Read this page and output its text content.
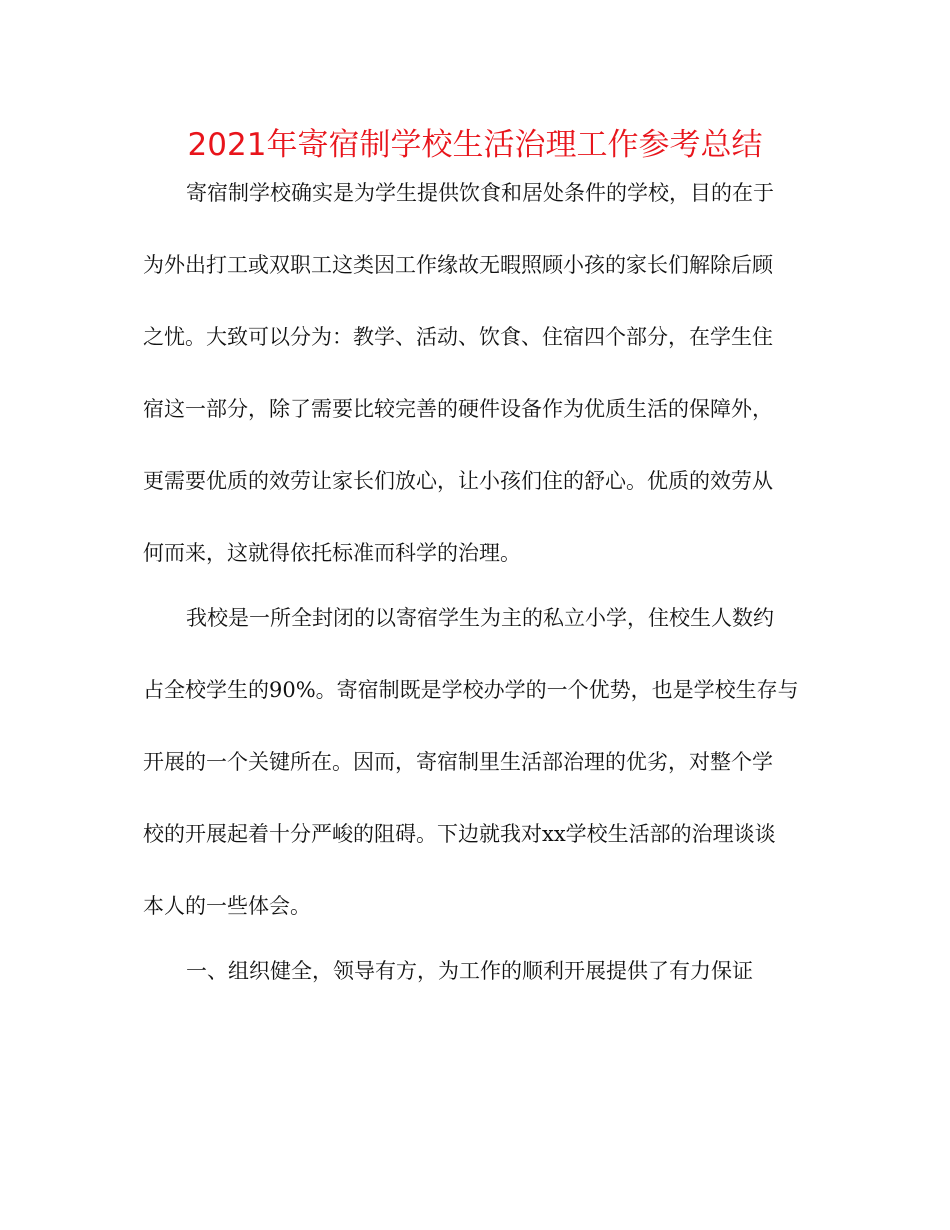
2021年寄宿制学校生活治理工作参考总结
寄宿制学校确实是为学生提供饮食和居处条件的学校，目的在于
为外出打工或双职工这类因工作缘故无暇照顾小孩的家长们解除后顾
之忧。大致可以分为：教学、活动、饮食、住宿四个部分，在学生住
宿这一部分，除了需要比较完善的硬件设备作为优质生活的保障外，
更需要优质的效劳让家长们放心，让小孩们住的舒心。优质的效劳从
何而来，这就得依托标准而科学的治理。
我校是一所全封闭的以寄宿学生为主的私立小学，住校生人数约
占全校学生的90%。寄宿制既是学校办学的一个优势，也是学校生存与
开展的一个关键所在。因而，寄宿制里生活部治理的优劣，对整个学
校的开展起着十分严峻的阻碍。下边就我对xx学校生活部的治理谈谈
本人的一些体会。
一、组织健全，领导有方，为工作的顺利开展提供了有力保证
